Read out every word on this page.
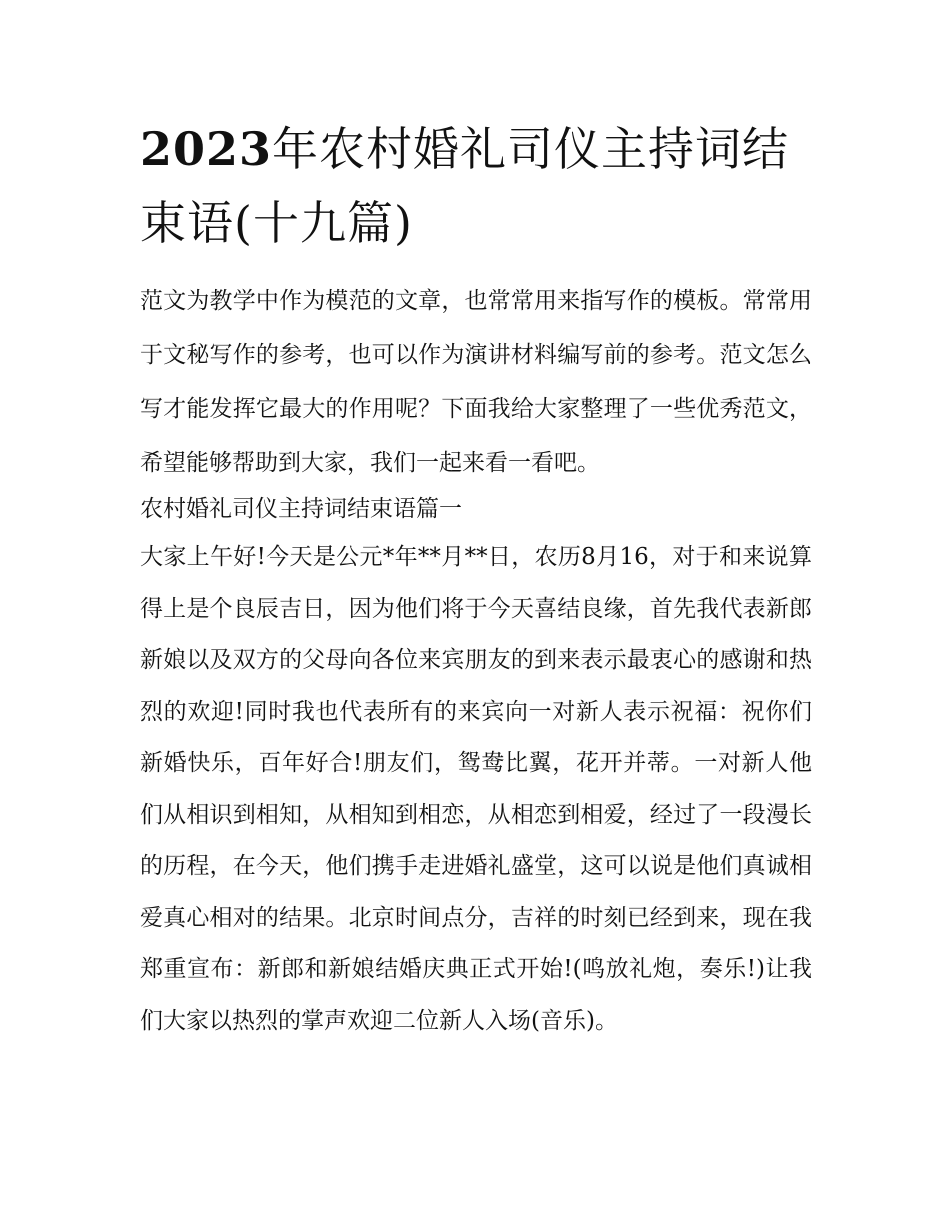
2023年农村婚礼司仪主持词结束语(十九篇)

范文为教学中作为模范的文章，也常常用来指写作的模板。常常用于文秘写作的参考，也可以作为演讲材料编写前的参考。范文怎么写才能发挥它最大的作用呢？下面我给大家整理了一些优秀范文，希望能够帮助到大家，我们一起来看一看吧。

农村婚礼司仪主持词结束语篇一

大家上午好!今天是公元*年**月**日，农历8月16，对于和来说算得上是个良辰吉日，因为他们将于今天喜结良缘，首先我代表新郎新娘以及双方的父母向各位来宾朋友的到来表示最衷心的感谢和热烈的欢迎!同时我也代表所有的来宾向一对新人表示祝福：祝你们新婚快乐，百年好合!朋友们，鸳鸯比翼，花开并蒂。一对新人他们从相识到相知，从相知到相恋，从相恋到相爱，经过了一段漫长的历程，在今天，他们携手走进婚礼盛堂，这可以说是他们真诚相爱真心相对的结果。北京时间点分，吉祥的时刻已经到来，现在我郑重宣布：新郎和新娘结婚庆典正式开始!(鸣放礼炮，奏乐!)让我们大家以热烈的掌声欢迎二位新人入场(音乐)。
